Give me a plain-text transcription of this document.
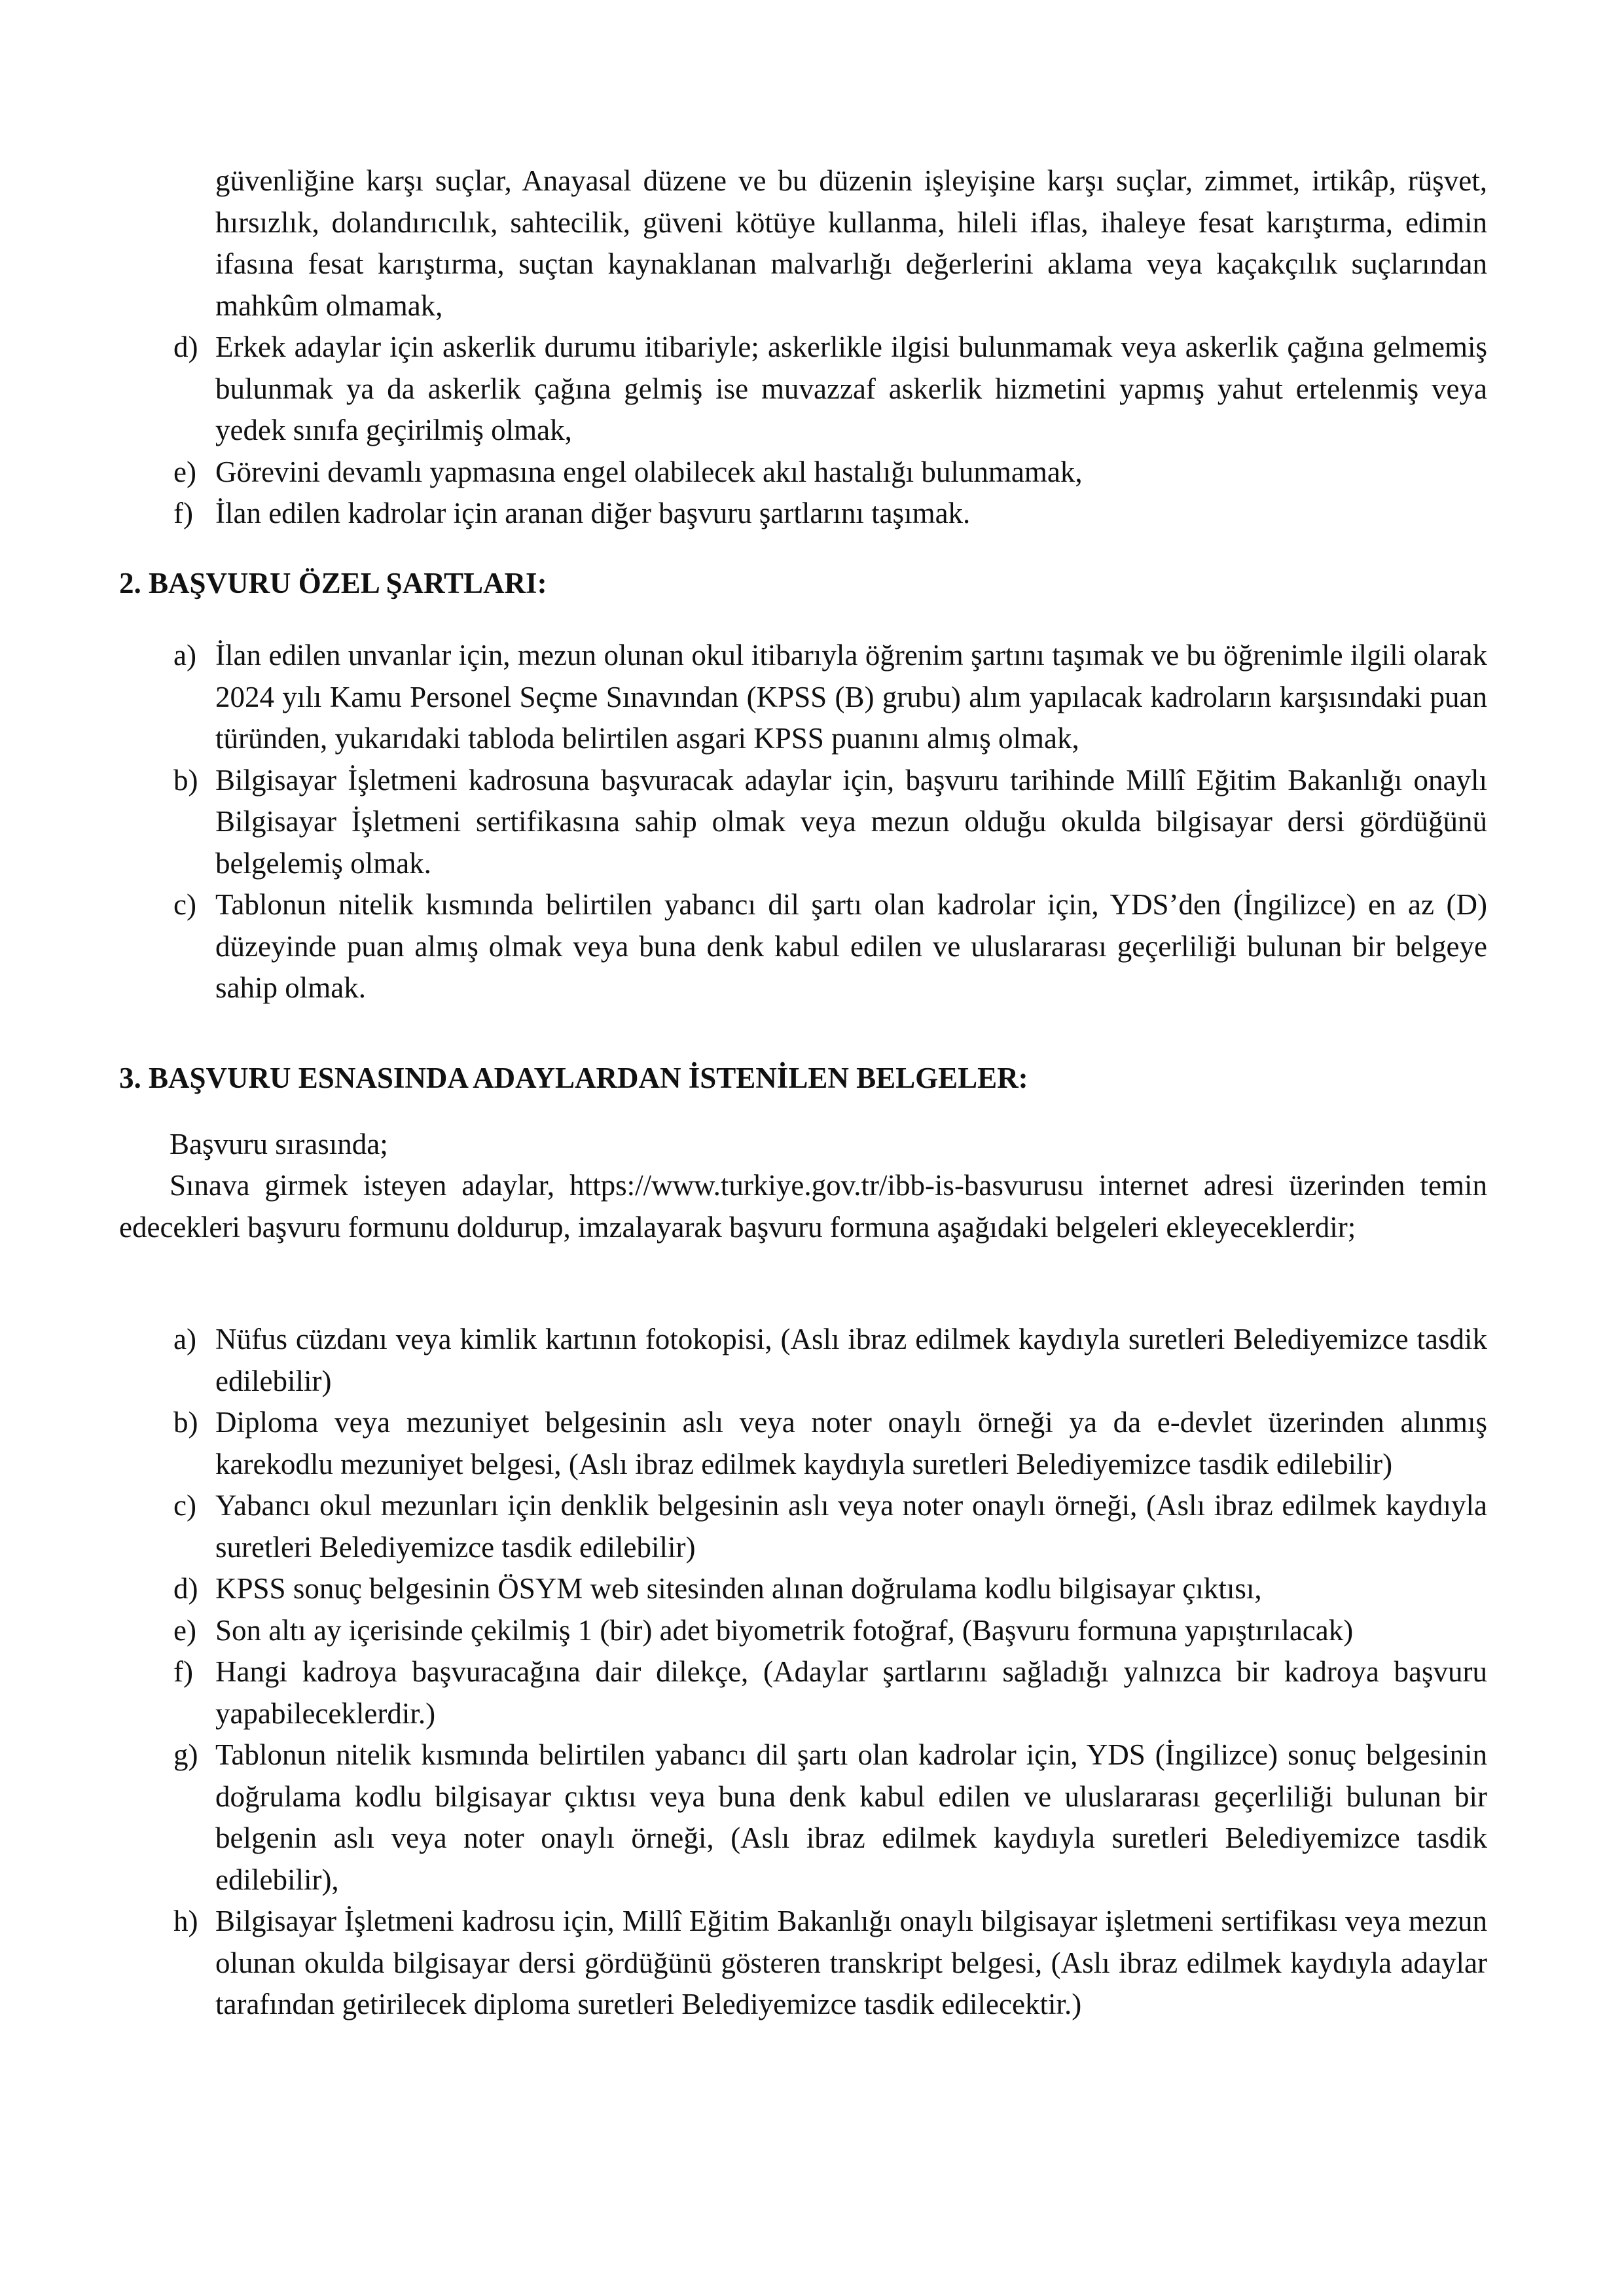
güvenliğine karşı suçlar, Anayasal düzene ve bu düzenin işleyişine karşı suçlar, zimmet, irtikâp, rüşvet, hırsızlık, dolandırıcılık, sahtecilik, güveni kötüye kullanma, hileli iflas, ihaleye fesat karıştırma, edimin ifasına fesat karıştırma, suçtan kaynaklanan malvarlığı değerlerini aklama veya kaçakçılık suçlarından mahkûm olmamak,
d) Erkek adaylar için askerlik durumu itibariyle; askerlikle ilgisi bulunmamak veya askerlik çağına gelmemiş bulunmak ya da askerlik çağına gelmiş ise muvazzaf askerlik hizmetini yapmış yahut ertelenmiş veya yedek sınıfa geçirilmiş olmak,
e) Görevini devamlı yapmasına engel olabilecek akıl hastalığı bulunmamak,
f) İlan edilen kadrolar için aranan diğer başvuru şartlarını taşımak.
2. BAŞVURU ÖZEL ŞARTLARI:
a) İlan edilen unvanlar için, mezun olunan okul itibarıyla öğrenim şartını taşımak ve bu öğrenimle ilgili olarak 2024 yılı Kamu Personel Seçme Sınavından (KPSS (B) grubu) alım yapılacak kadroların karşısındaki puan türünden, yukarıdaki tabloda belirtilen asgari KPSS puanını almış olmak,
b) Bilgisayar İşletmeni kadrosuna başvuracak adaylar için, başvuru tarihinde Millî Eğitim Bakanlığı onaylı Bilgisayar İşletmeni sertifikasına sahip olmak veya mezun olduğu okulda bilgisayar dersi gördüğünü belgelemiş olmak.
c) Tablonun nitelik kısmında belirtilen yabancı dil şartı olan kadrolar için, YDS’den (İngilizce) en az (D) düzeyinde puan almış olmak veya buna denk kabul edilen ve uluslararası geçerliliği bulunan bir belgeye sahip olmak.
3. BAŞVURU ESNASINDA ADAYLARDAN İSTENİLEN BELGELER:
Başvuru sırasında;
Sınava girmek isteyen adaylar, https://www.turkiye.gov.tr/ibb-is-basvurusu internet adresi üzerinden temin edecekleri başvuru formunu doldurup, imzalayarak başvuru formuna aşağıdaki belgeleri ekleyeceklerdir;
a) Nüfus cüzdanı veya kimlik kartının fotokopisi, (Aslı ibraz edilmek kaydıyla suretleri Belediyemizce tasdik edilebilir)
b) Diploma veya mezuniyet belgesinin aslı veya noter onaylı örneği ya da e-devlet üzerinden alınmış karekodlu mezuniyet belgesi, (Aslı ibraz edilmek kaydıyla suretleri Belediyemizce tasdik edilebilir)
c) Yabancı okul mezunları için denklik belgesinin aslı veya noter onaylı örneği, (Aslı ibraz edilmek kaydıyla suretleri Belediyemizce tasdik edilebilir)
d) KPSS sonuç belgesinin ÖSYM web sitesinden alınan doğrulama kodlu bilgisayar çıktısı,
e) Son altı ay içerisinde çekilmiş 1 (bir) adet biyometrik fotoğraf, (Başvuru formuna yapıştırılacak)
f) Hangi kadroya başvuracağına dair dilekçe, (Adaylar şartlarını sağladığı yalnızca bir kadroya başvuru yapabileceklerdir.)
g) Tablonun nitelik kısmında belirtilen yabancı dil şartı olan kadrolar için, YDS (İngilizce) sonuç belgesinin doğrulama kodlu bilgisayar çıktısı veya buna denk kabul edilen ve uluslararası geçerliliği bulunan bir belgenin aslı veya noter onaylı örneği, (Aslı ibraz edilmek kaydıyla suretleri Belediyemizce tasdik edilebilir),
h) Bilgisayar İşletmeni kadrosu için, Millî Eğitim Bakanlığı onaylı bilgisayar işletmeni sertifikası veya mezun olunan okulda bilgisayar dersi gördüğünü gösteren transkript belgesi, (Aslı ibraz edilmek kaydıyla adaylar tarafından getirilecek diploma suretleri Belediyemizce tasdik edilecektir.)
